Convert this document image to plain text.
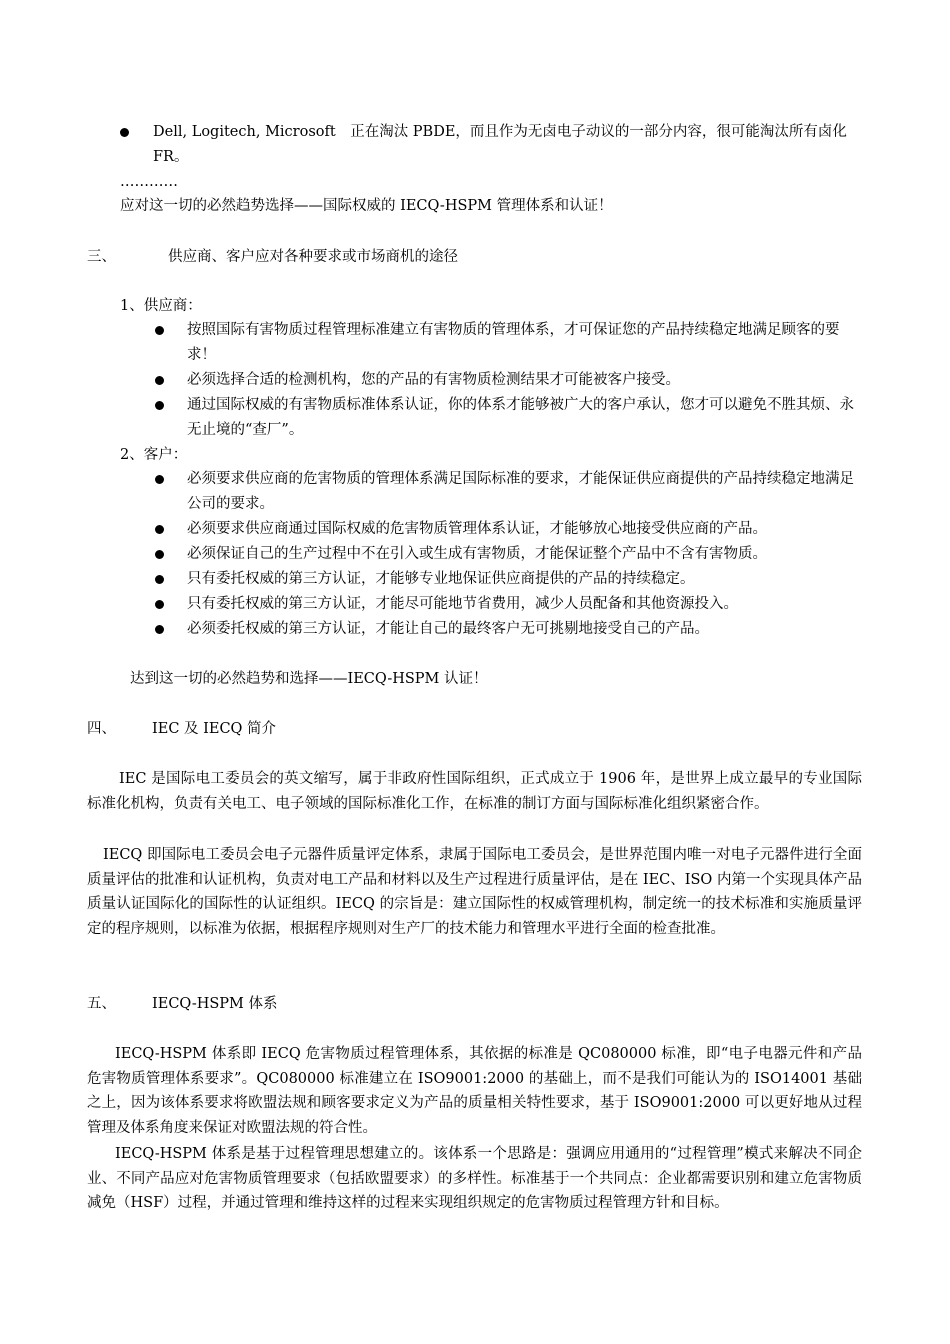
Dell, Logitech, Microsoft　正在淘汰 PBDE，而且作为无卤电子动议的一部分内容，很可能淘汰所有卤化 FR。
…………
应对这一切的必然趋势选择——国际权威的 IECQ-HSPM 管理体系和认证！
三、	供应商、客户应对各种要求或市场商机的途径
1、供应商：
按照国际有害物质过程管理标准建立有害物质的管理体系，才可保证您的产品持续稳定地满足顾客的要求！
必须选择合适的检测机构，您的产品的有害物质检测结果才可能被客户接受。
通过国际权威的有害物质标准体系认证，你的体系才能够被广大的客户承认，您才可以避免不胜其烦、永无止境的“查厂”。
2、客户：
必须要求供应商的危害物质的管理体系满足国际标准的要求，才能保证供应商提供的产品持续稳定地满足公司的要求。
必须要求供应商通过国际权威的危害物质管理体系认证，才能够放心地接受供应商的产品。
必须保证自己的生产过程中不在引入或生成有害物质，才能保证整个产品中不含有害物质。
只有委托权威的第三方认证，才能够专业地保证供应商提供的产品的持续稳定。
只有委托权威的第三方认证，才能尽可能地节省费用，减少人员配备和其他资源投入。
必须委托权威的第三方认证，才能让自己的最终客户无可挑剔地接受自己的产品。
达到这一切的必然趋势和选择——IECQ-HSPM 认证！
四、 IEC 及 IECQ 简介
IEC 是国际电工委员会的英文缩写，属于非政府性国际组织，正式成立于 1906 年，是世界上成立最早的专业国际标准化机构，负责有关电工、电子领域的国际标准化工作，在标准的制订方面与国际标准化组织紧密合作。
IECQ 即国际电工委员会电子元器件质量评定体系，隶属于国际电工委员会，是世界范围内唯一对电子元器件进行全面质量评估的批准和认证机构，负责对电工产品和材料以及生产过程进行质量评估，是在 IEC、ISO 内第一个实现具体产品质量认证国际化的国际性的认证组织。IECQ 的宗旨是：建立国际性的权威管理机构，制定统一的技术标准和实施质量评定的程序规则，以标准为依据，根据程序规则对生产厂的技术能力和管理水平进行全面的检查批准。
五、 IECQ-HSPM 体系
IECQ-HSPM 体系即 IECQ 危害物质过程管理体系，其依据的标准是 QC080000 标准，即“电子电器元件和产品危害物质管理体系要求”。QC080000 标准建立在 ISO9001:2000 的基础上，而不是我们可能认为的 ISO14001 基础之上，因为该体系要求将欧盟法规和顾客要求定义为产品的质量相关特性要求，基于 ISO9001:2000 可以更好地从过程管理及体系角度来保证对欧盟法规的符合性。
IECQ-HSPM 体系是基于过程管理思想建立的。该体系一个思路是：强调应用通用的“过程管理”模式来解决不同企业、不同产品应对危害物质管理要求（包括欧盟要求）的多样性。标准基于一个共同点：企业都需要识别和建立危害物质减免（HSF）过程，并通过管理和维持这样的过程来实现组织规定的危害物质过程管理方针和目标。
